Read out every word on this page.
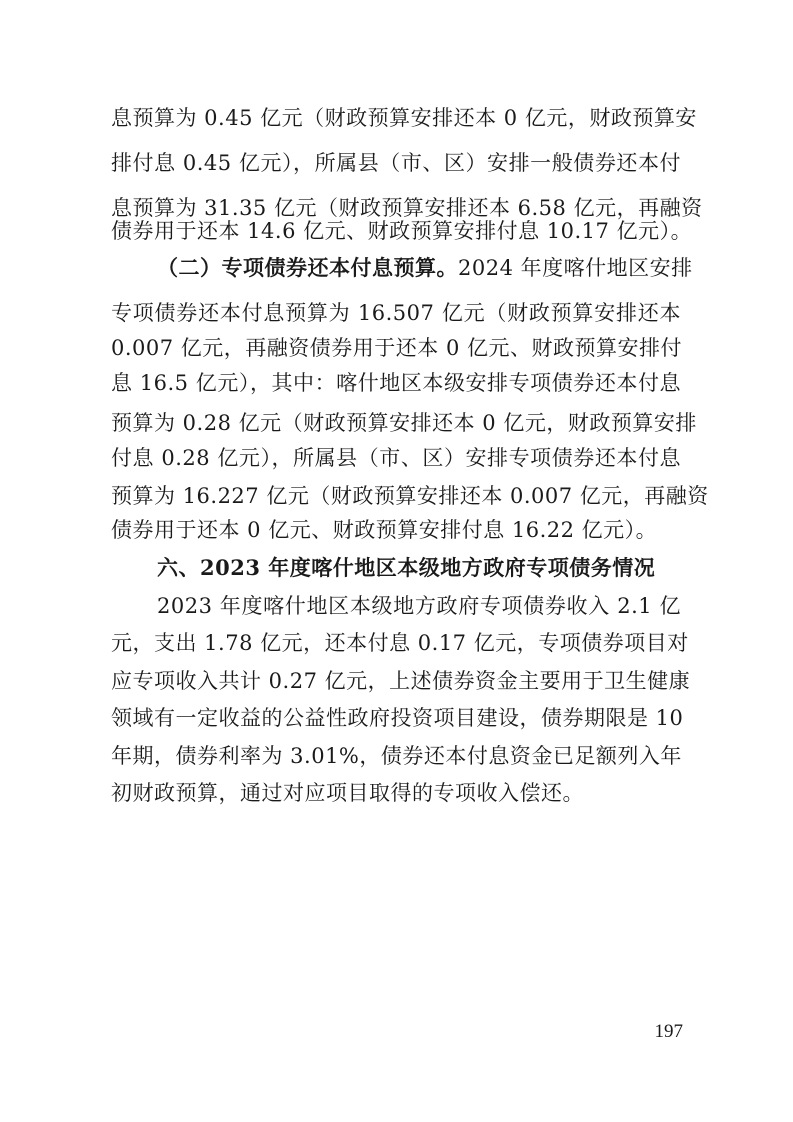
息预算为 0.45 亿元（财政预算安排还本 0 亿元，财政预算安
排付息 0.45 亿元），所属县（市、区）安排一般债券还本付
息预算为 31.35 亿元（财政预算安排还本 6.58 亿元，再融资
债券用于还本 14.6 亿元、财政预算安排付息 10.17 亿元）。
（二）专项债券还本付息预算。2024 年度喀什地区安排
专项债券还本付息预算为 16.507 亿元（财政预算安排还本
0.007 亿元，再融资债券用于还本 0 亿元、财政预算安排付
息 16.5 亿元），其中：喀什地区本级安排专项债券还本付息
预算为 0.28 亿元（财政预算安排还本 0 亿元，财政预算安排
付息 0.28 亿元），所属县（市、区）安排专项债券还本付息
预算为 16.227 亿元（财政预算安排还本 0.007 亿元，再融资
债券用于还本 0 亿元、财政预算安排付息 16.22 亿元）。
六、2023 年度喀什地区本级地方政府专项债务情况
2023 年度喀什地区本级地方政府专项债券收入 2.1 亿
元，支出 1.78 亿元，还本付息 0.17 亿元，专项债券项目对
应专项收入共计 0.27 亿元，上述债券资金主要用于卫生健康
领域有一定收益的公益性政府投资项目建设，债券期限是 10
年期，债券利率为 3.01%，债券还本付息资金已足额列入年
初财政预算，通过对应项目取得的专项收入偿还。
197
